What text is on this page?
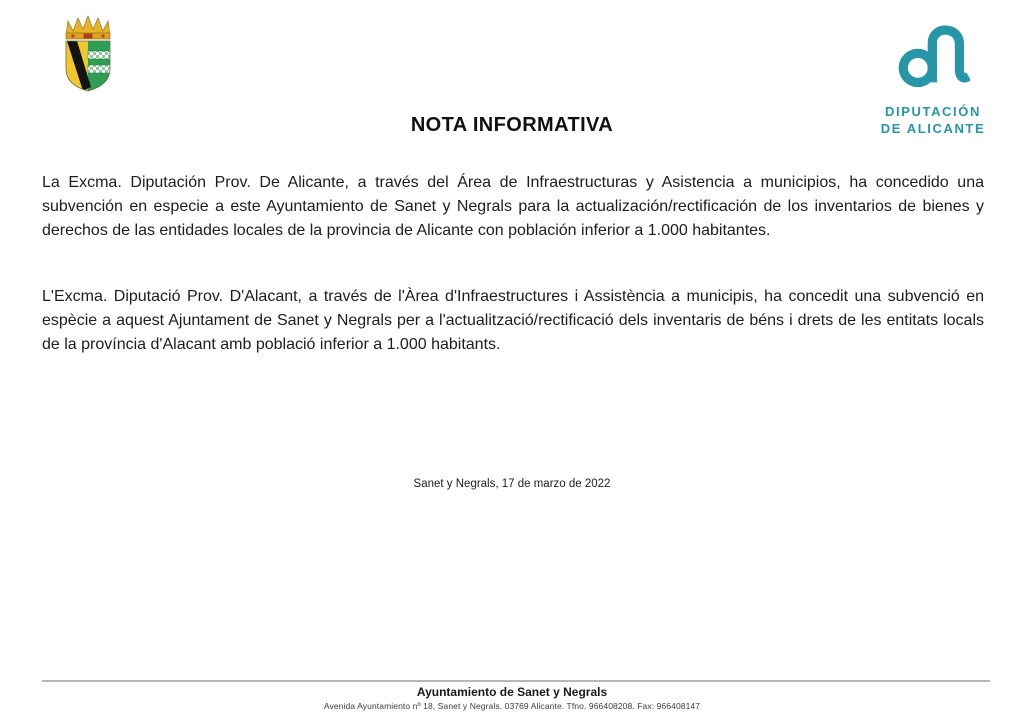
DIPUTACIÓN
DE ALICANTE
NOTA INFORMATIVA

La Excma. Diputación Prov. De Alicante, a través del Área de Infraestructuras y Asistencia a municipios, ha concedido una subvención en especie a este Ayuntamiento de Sanet y Negrals para la actualización/rectificación de los inventarios de bienes y derechos de las entidades locales de la provincia de Alicante con población inferior a 1.000 habitantes.

L'Excma. Diputació Prov. D'Alacant, a través de l'Àrea d'Infraestructures i Assistència a municipis, ha concedit una subvenció en espècie a aquest Ajuntament de Sanet y Negrals per a l'actualització/rectificació dels inventaris de béns i drets de les entitats locals de la província d'Alacant amb població inferior a 1.000 habitants.

Sanet y Negrals, 17 de marzo de 2022
Ayuntamiento de Sanet y Negrals
Avenida Ayuntamiento nº 18, Sanet y Negrals. 03769 Alicante. Tfno. 966408208. Fax: 966408147
